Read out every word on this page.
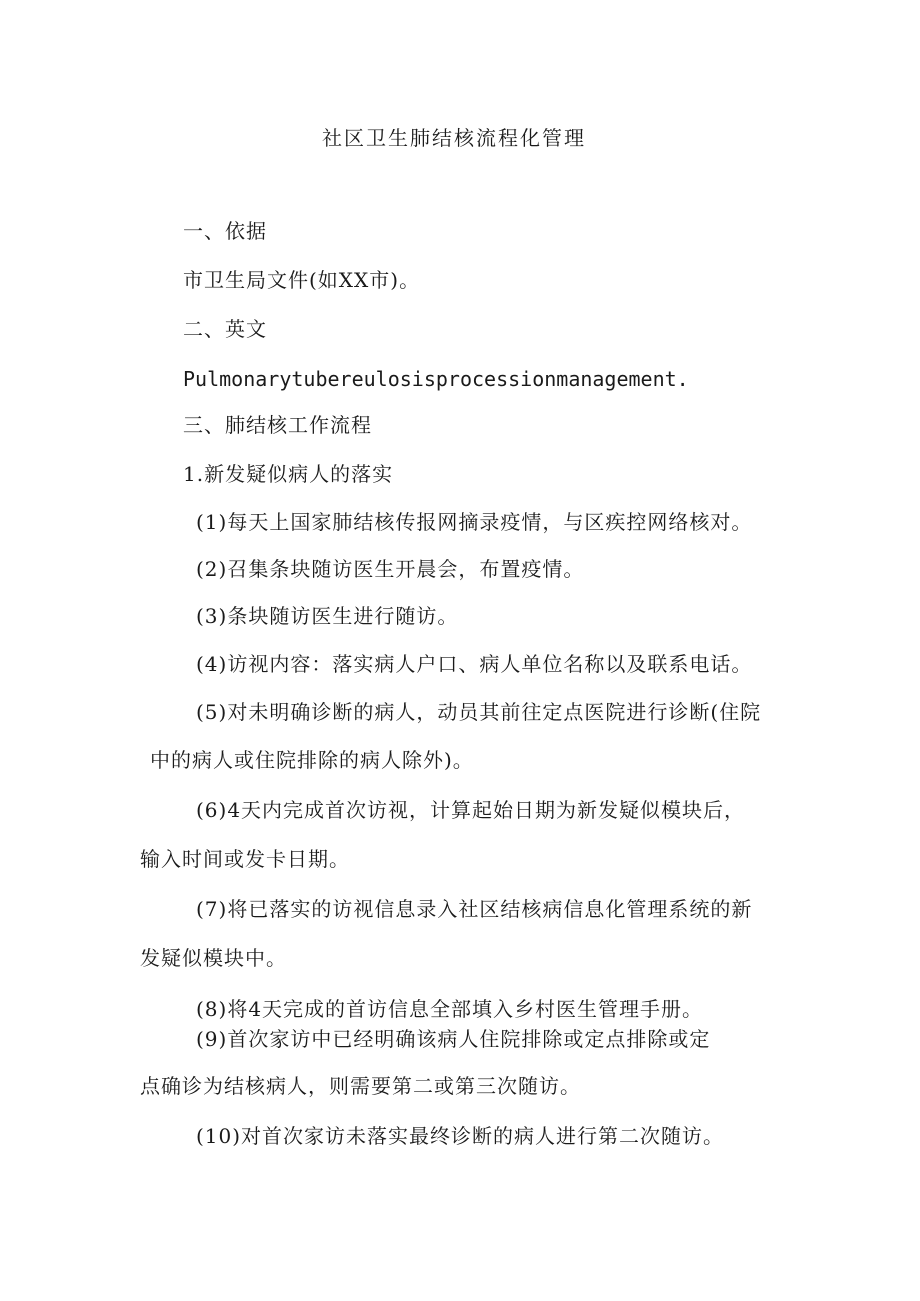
社区卫生肺结核流程化管理
一、依据
市卫生局文件(如XX市)。
二、英文
Pulmonarytubereulosisprocessionmanagement.
三、肺结核工作流程
1.新发疑似病人的落实
(1)每天上国家肺结核传报网摘录疫情，与区疾控网络核对。
(2)召集条块随访医生开晨会，布置疫情。
(3)条块随访医生进行随访。
(4)访视内容：落实病人户口、病人单位名称以及联系电话。
(5)对未明确诊断的病人，动员其前往定点医院进行诊断(住院
中的病人或住院排除的病人除外)。
(6)4天内完成首次访视，计算起始日期为新发疑似模块后，
输入时间或发卡日期。
(7)将已落实的访视信息录入社区结核病信息化管理系统的新
发疑似模块中。
(8)将4天完成的首访信息全部填入乡村医生管理手册。
(9)首次家访中已经明确该病人住院排除或定点排除或定
点确诊为结核病人，则需要第二或第三次随访。
(10)对首次家访未落实最终诊断的病人进行第二次随访。
